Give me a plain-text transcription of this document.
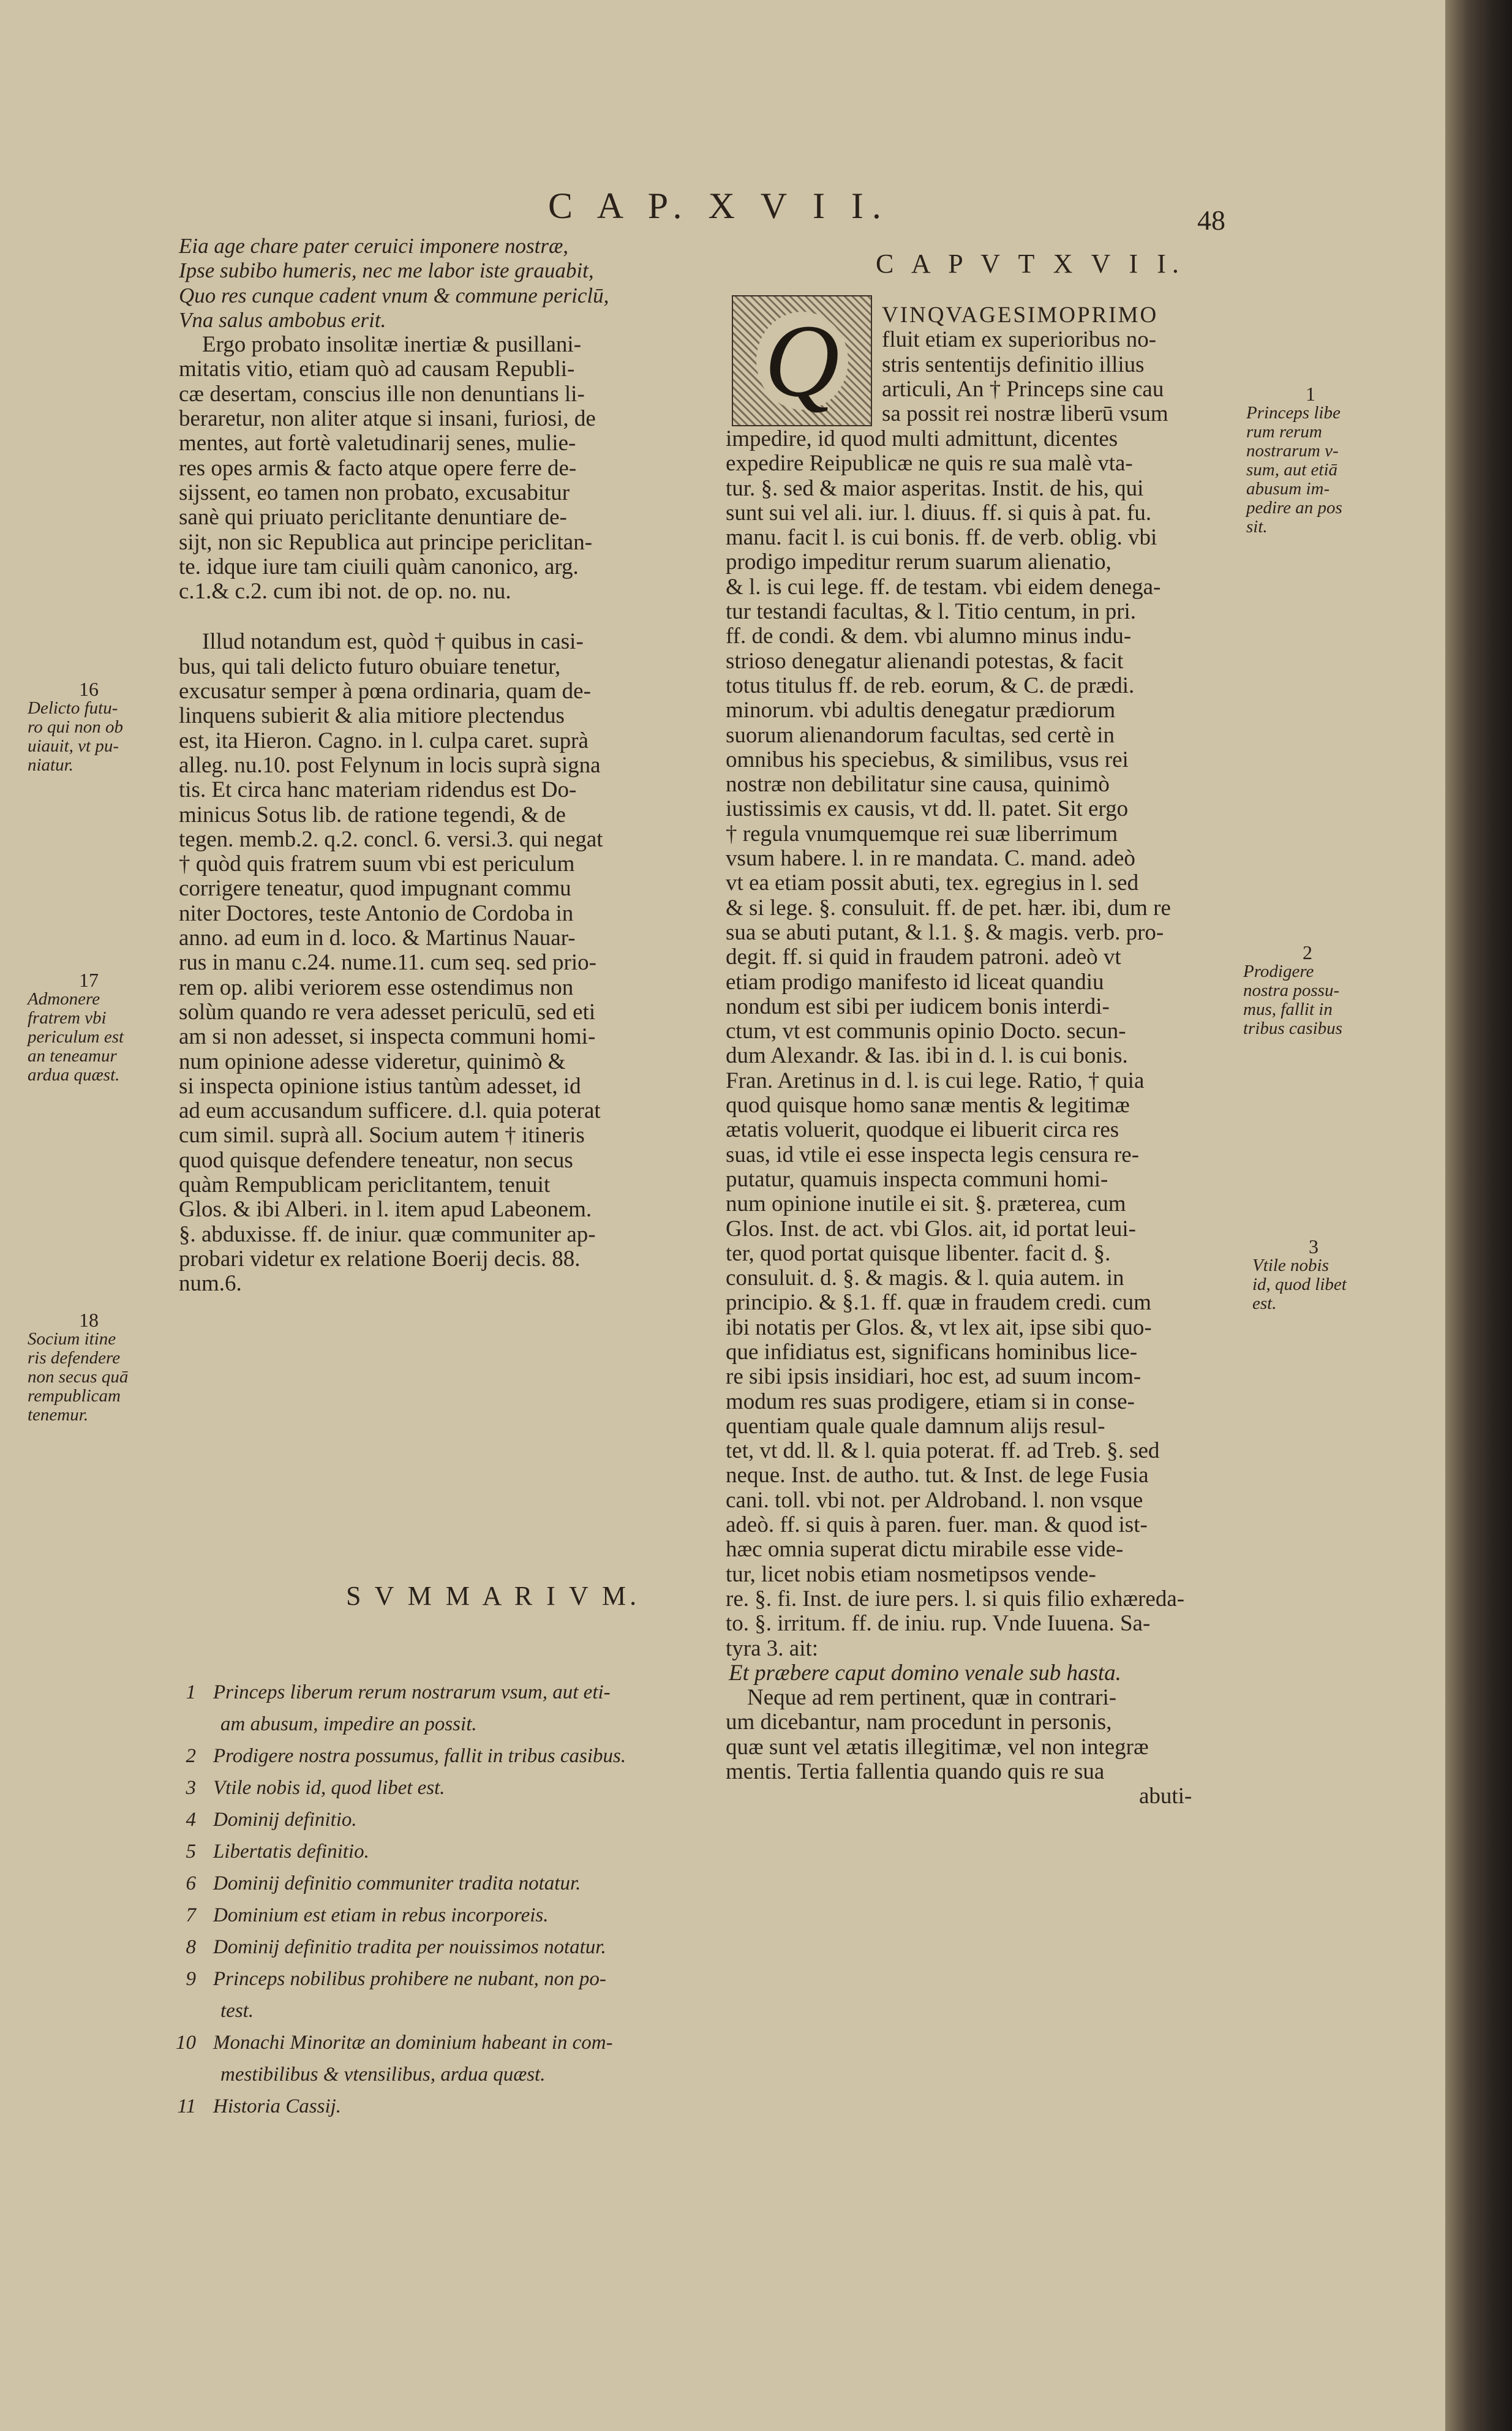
C A P. X V I I.	48
Eia age chare pater ceruici imponere nostræ,
Ipse subibo humeris, nec me labor iste grauabit,
Quo res cunque cadent vnum & commune periclū,
Vna salus ambobus erit.
Ergo probato insolitæ inertiæ & pusillani-
mitatis vitio, etiam quò ad causam Republi-
cæ desertam, conscius ille non denuntians li-
beraretur, non aliter atque si insani, furiosi, de
mentes, aut fortè valetudinarij senes, mulie-
res opes armis & facto atque opere ferre de-
sijssent, eo tamen non probato, excusabitur
sanè qui priuato periclitante denuntiare de-
sijt, non sic Republica aut principe periclitan-
te. idque iure tam ciuili quàm canonico, arg.
c.1.& c.2. cum ibi not. de op. no. nu.
Illud notandum est, quòd † quibus in casi-
bus, qui tali delicto futuro obuiare tenetur,
excusatur semper à pœna ordinaria, quam de-
linquens subierit & alia mitiore plectendus
est, ita Hieron. Cagno. in l. culpa caret. suprà
alleg. nu.10. post Felynum in locis suprà signa
tis. Et circa hanc materiam ridendus est Do-
minicus Sotus lib. de ratione tegendi, & de
tegen. memb.2. q.2. concl. 6. versi.3. qui negat
† quòd quis fratrem suum vbi est periculum
corrigere teneatur, quod impugnant commu
niter Doctores, teste Antonio de Cordoba in
anno. ad eum in d. loco. & Martinus Nauar-
rus in manu c.24. nume.11. cum seq. sed prio-
rem op. alibi veriorem esse ostendimus non
solùm quando re vera adesset periculū, sed eti
am si non adesset, si inspecta communi homi-
num opinione adesse videretur, quinimò &
si inspecta opinione istius tantùm adesset, id
ad eum accusandum sufficere. d.l. quia poterat
cum simil. suprà all. Socium autem † itineris
quod quisque defendere teneatur, non secus
quàm Rempublicam periclitantem, tenuit
Glos. & ibi Alberi. in l. item apud Labeonem.
§. abduxisse. ff. de iniur. quæ communiter ap-
probari videtur ex relatione Boerij decis. 88.
num.6.
16
Delicto futu-
ro qui non ob
uiauit, vt pu-
niatur.
17
Admonere
fratrem vbi
periculum est
an teneamur
ardua quæst.
18
Socium itine
ris defendere
non secus quā
rempublicam
tenemur.
S V M M A R I V M.
1 Princeps liberum rerum nostrarum vsum, aut eti-
am abusum, impedire an possit.
2 Prodigere nostra possumus, fallit in tribus casibus.
3 Vtile nobis id, quod libet est.
4 Dominij definitio.
5 Libertatis definitio.
6 Dominij definitio communiter tradita notatur.
7 Dominium est etiam in rebus incorporeis.
8 Dominij definitio tradita per nouissimos notatur.
9 Princeps nobilibus prohibere ne nubant, non po-
test.
10 Monachi Minoritæ an dominium habeant in com-
mestibilibus & vtensilibus, ardua quæst.
11 Historia Cassij.
C A P V T X V I I.
Q	VINQVAGESIMOPRIMO
fluit etiam ex superioribus no-
stris sententijs definitio illius
articuli, An † Princeps sine cau
sa possit rei nostræ liberū vsum
impedire, id quod multi admittunt, dicentes
expedire Reipublicæ ne quis re sua malè vta-
tur. §. sed & maior asperitas. Instit. de his, qui
sunt sui vel ali. iur. l. diuus. ff. si quis à pat. fu.
manu. facit l. is cui bonis. ff. de verb. oblig. vbi
prodigo impeditur rerum suarum alienatio,
& l. is cui lege. ff. de testam. vbi eidem denega-
tur testandi facultas, & l. Titio centum, in pri.
ff. de condi. & dem. vbi alumno minus indu-
strioso denegatur alienandi potestas, & facit
totus titulus ff. de reb. eorum, & C. de prædi.
minorum. vbi adultis denegatur prædiorum
suorum alienandorum facultas, sed certè in
omnibus his speciebus, & similibus, vsus rei
nostræ non debilitatur sine causa, quinimò
iustissimis ex causis, vt dd. ll. patet. Sit ergo
† regula vnumquemque rei suæ liberrimum
vsum habere. l. in re mandata. C. mand. adeò
vt ea etiam possit abuti, tex. egregius in l. sed
& si lege. §. consuluit. ff. de pet. hær. ibi, dum re
sua se abuti putant, & l.1. §. & magis. verb. pro-
degit. ff. si quid in fraudem patroni. adeò vt
etiam prodigo manifesto id liceat quandiu
nondum est sibi per iudicem bonis interdi-
ctum, vt est communis opinio Docto. secun-
dum Alexandr. & Ias. ibi in d. l. is cui bonis.
Fran. Aretinus in d. l. is cui lege. Ratio, † quia
quod quisque homo sanæ mentis & legitimæ
ætatis voluerit, quodque ei libuerit circa res
suas, id vtile ei esse inspecta legis censura re-
putatur, quamuis inspecta communi homi-
num opinione inutile ei sit. §. præterea, cum
Glos. Inst. de act. vbi Glos. ait, id portat leui-
ter, quod portat quisque libenter. facit d. §.
consuluit. d. §. & magis. & l. quia autem. in
principio. & §.1. ff. quæ in fraudem credi. cum
ibi notatis per Glos. &, vt lex ait, ipse sibi quo-
que infidiatus est, significans hominibus lice-
re sibi ipsis insidiari, hoc est, ad suum incom-
modum res suas prodigere, etiam si in conse-
quentiam quale quale damnum alijs resul-
tet, vt dd. ll. & l. quia poterat. ff. ad Treb. §. sed
neque. Inst. de autho. tut. & Inst. de lege Fusia
cani. toll. vbi not. per Aldroband. l. non vsque
adeò. ff. si quis à paren. fuer. man. & quod ist-
hæc omnia superat dictu mirabile esse vide-
tur, licet nobis etiam nosmetipsos vende-
re. §. fi. Inst. de iure pers. l. si quis filio exhæreda-
to. §. irritum. ff. de iniu. rup. Vnde Iuuena. Sa-
tyra 3. ait:
Et præbere caput domino venale sub hasta.
Neque ad rem pertinent, quæ in contrari-
um dicebantur, nam procedunt in personis,
quæ sunt vel ætatis illegitimæ, vel non integræ
mentis. Tertia fallentia quando quis re sua
abuti-
1
Princeps libe
rum rerum
nostrarum v-
sum, aut etiā
abusum im-
pedire an pos
sit.
2
Prodigere
nostra possu-
mus, fallit in
tribus casibus
3
Vtile nobis
id, quod libet
est.
